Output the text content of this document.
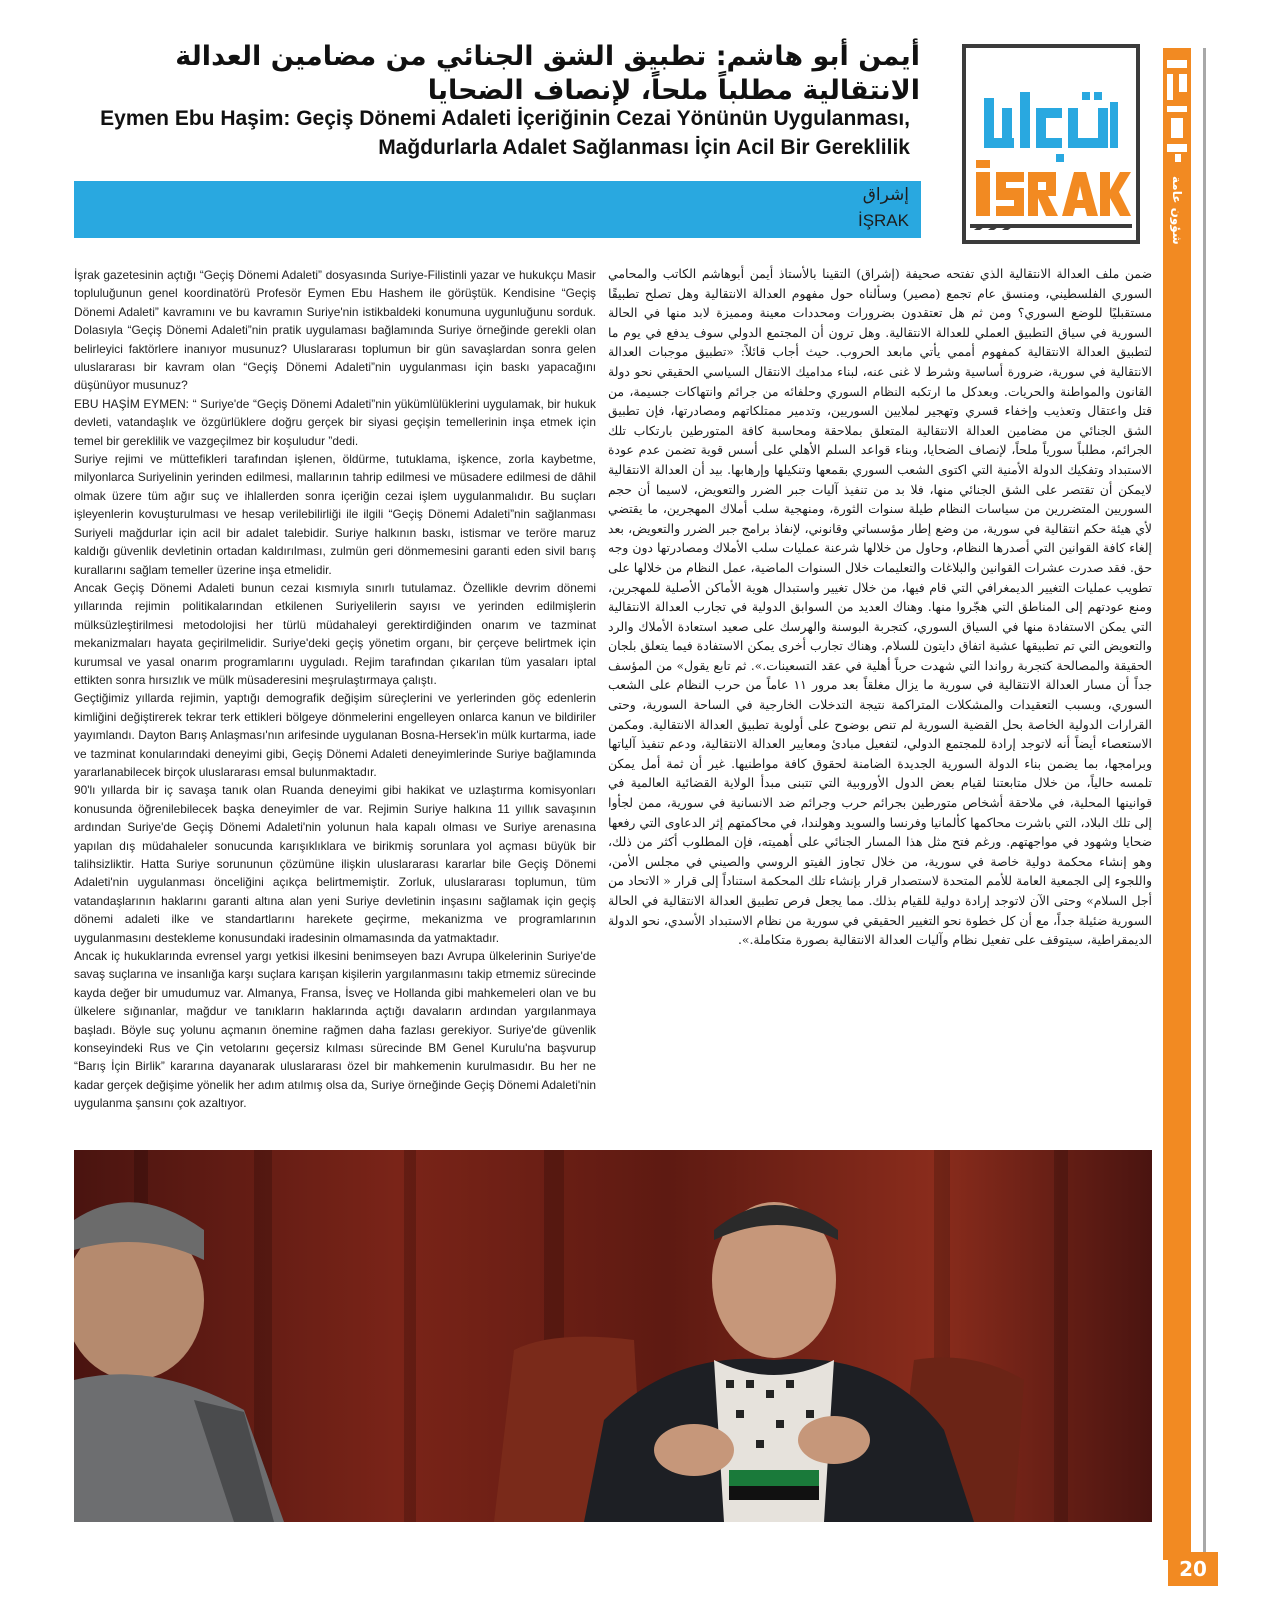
شؤون عامة
20
أيمن أبو هاشم: تطبيق الشق الجنائي من مضامين العدالة الانتقالية مطلباً ملحاً، لإنصاف الضحايا
Eymen Ebu Haşim: Geçiş Dönemi Adaleti İçeriğinin Cezai Yönünün Uygulanması, Mağdurlarla Adalet Sağlanması İçin Acil Bir Gereklilik
إشراق
İŞRAK

İşrak gazetesinin açtığı “Geçiş Dönemi Adaleti” dosyasında Suriye-Filistinli yazar ve hukukçu Masir topluluğunun genel koordinatörü Profesör Eymen Ebu Hashem ile görüştük. Kendisine “Geçiş Dönemi Adaleti” kavramını ve bu kavramın Suriye'nin istikbaldeki konumuna uygunluğunu sorduk. Dolasıyla “Geçiş Dönemi Adaleti”nin pratik uygulaması bağlamında Suriye örneğinde gerekli olan belirleyici faktörlere inanıyor musunuz? Uluslararası toplumun bir gün savaşlardan sonra gelen uluslararası bir kavram olan “Geçiş Dönemi Adaleti”nin uygulanması için baskı yapacağını düşünüyor musunuz?

EBU HAŞİM EYMEN: “ Suriye'de “Geçiş Dönemi Adaleti”nin yükümlülüklerini uygulamak, bir hukuk devleti, vatandaşlık ve özgürlüklere doğru gerçek bir siyasi geçişin temellerinin inşa etmek için temel bir gereklilik ve vazgeçilmez bir koşuludur ”dedi.

Suriye rejimi ve müttefikleri tarafından işlenen, öldürme, tutuklama, işkence, zorla kaybetme, milyonlarca Suriyelinin yerinden edilmesi, mallarının tahrip edilmesi ve müsadere edilmesi de dâhil olmak üzere tüm ağır suç ve ihlallerden sonra içeriğin cezai işlem uygulanmalıdır. Bu suçları işleyenlerin kovuşturulması ve hesap verilebilirliği ile ilgili “Geçiş Dönemi Adaleti”nin sağlanması Suriyeli mağdurlar için acil bir adalet talebidir. Suriye halkının baskı, istismar ve teröre maruz kaldığı güvenlik devletinin ortadan kaldırılması, zulmün geri dönmemesini garanti eden sivil barış kurallarını sağlam temeller üzerine inşa etmelidir.

Ancak Geçiş Dönemi Adaleti bunun cezai kısmıyla sınırlı tutulamaz. Özellikle devrim dönemi yıllarında rejimin politikalarından etkilenen Suriyelilerin sayısı ve yerinden edilmişlerin mülksüzleştirilmesi metodolojisi her türlü müdahaleyi gerektirdiğinden onarım ve tazminat mekanizmaları hayata geçirilmelidir. Suriye'deki geçiş yönetim organı, bir çerçeve belirtmek için kurumsal ve yasal onarım programlarını uyguladı. Rejim tarafından çıkarılan tüm yasaları iptal ettikten sonra hırsızlık ve mülk müsaderesini meşrulaştırmaya çalıştı.

Geçtiğimiz yıllarda rejimin, yaptığı demografik değişim süreçlerini ve yerlerinden göç edenlerin kimliğini değiştirerek tekrar terk ettikleri bölgeye dönmelerini engelleyen onlarca kanun ve bildiriler yayımlandı. Dayton Barış Anlaşması'nın arifesinde uygulanan Bosna-Hersek'in mülk kurtarma, iade ve tazminat konularındaki deneyimi gibi, Geçiş Dönemi Adaleti deneyimlerinde Suriye bağlamında yararlanabilecek birçok uluslararası emsal bulunmaktadır.

90'lı yıllarda bir iç savaşa tanık olan Ruanda deneyimi gibi hakikat ve uzlaştırma komisyonları konusunda öğrenilebilecek başka deneyimler de var. Rejimin Suriye halkına 11 yıllık savaşının ardından Suriye'de Geçiş Dönemi Adaleti'nin yolunun hala kapalı olması ve Suriye arenasına yapılan dış müdahaleler sonucunda karışıklıklara ve birikmiş sorunlara yol açması büyük bir talihsizliktir. Hatta Suriye sorununun çözümüne ilişkin uluslararası kararlar bile Geçiş Dönemi Adaleti'nin uygulanması önceliğini açıkça belirtmemiştir. Zorluk, uluslararası toplumun, tüm vatandaşlarının haklarını garanti altına alan yeni Suriye devletinin inşasını sağlamak için geçiş dönemi adaleti ilke ve standartlarını harekete geçirme, mekanizma ve programlarının uygulanmasını destekleme konusundaki iradesinin olmamasında da yatmaktadır.

Ancak iç hukuklarında evrensel yargı yetkisi ilkesini benimseyen bazı Avrupa ülkelerinin Suriye'de savaş suçlarına ve insanlığa karşı suçlara karışan kişilerin yargılanmasını takip etmemiz sürecinde kayda değer bir umudumuz var. Almanya, Fransa, İsveç ve Hollanda gibi mahkemeleri olan ve bu ülkelere sığınanlar, mağdur ve tanıkların haklarında açtığı davaların ardından yargılanmaya başladı. Böyle suç yolunu açmanın önemine rağmen daha fazlası gerekiyor. Suriye'de güvenlik konseyindeki Rus ve Çin vetolarını geçersiz kılması sürecinde BM Genel Kurulu'na başvurup “Barış İçin Birlik” kararına dayanarak uluslararası özel bir mahkemenin kurulmasıdır. Bu her ne kadar gerçek değişime yönelik her adım atılmış olsa da, Suriye örneğinde Geçiş Dönemi Adaleti'nin uygulanma şansını çok azaltıyor.

ضمن ملف العدالة الانتقالية الذي تفتحه صحيفة (إشراق) التقينا بالأستاذ أيمن أبوهاشم الكاتب والمحامي السوري الفلسطيني، ومنسق عام تجمع (مصير) وسألناه حول مفهوم العدالة الانتقالية وهل تصلح تطبيقًا مستقبليًا للوضع السوري؟ ومن ثم هل تعتقدون بضرورات ومحددات معينة ومميزة لابد منها في الحالة السورية في سياق التطبيق العملي للعدالة الانتقالية. وهل ترون أن المجتمع الدولي سوف يدفع في يوم ما لتطبيق العدالة الانتقالية كمفهوم أممي يأتي مابعد الحروب. حيث أجاب قائلاً: «تطبيق موجبات العدالة الانتقالية في سورية، ضرورة أساسية وشرط لا غنى عنه، لبناء مداميك الانتقال السياسي الحقيقي نحو دولة القانون والمواطنة والحريات. وبعدكل ما ارتكبه النظام السوري وحلفائه من جرائم وانتهاكات جسيمة، من قتل واعتقال وتعذيب وإخفاء قسري وتهجير لملايين السوريين، وتدمير ممتلكاتهم ومصادرتها، فإن تطبيق الشق الجنائي من مضامين العدالة الانتقالية المتعلق بملاحقة ومحاسبة كافة المتورطين بارتكاب تلك الجرائم، مطلباً سورياً ملحاً، لإنصاف الضحايا، وبناء قواعد السلم الأهلي على أسس قوية تضمن عدم عودة الاستبداد وتفكيك الدولة الأمنية التي اكتوى الشعب السوري بقمعها وتنكيلها وإرهابها. بيد أن العدالة الانتقالية لايمكن أن تقتصر على الشق الجنائي منها، فلا بد من تنفيذ آليات جبر الضرر والتعويض، لاسيما أن حجم السوريين المتضررين من سياسات النظام طيلة سنوات الثورة، ومنهجية سلب أملاك المهجرين، ما يقتضي لأي هيئة حكم انتقالية في سورية، من وضع إطار مؤسساتي وقانوني، لإنفاذ برامج جبر الضرر والتعويض، بعد إلغاء كافة القوانين التي أصدرها النظام، وحاول من خلالها شرعنة عمليات سلب الأملاك ومصادرتها دون وجه حق. فقد صدرت عشرات القوانين والبلاغات والتعليمات خلال السنوات الماضية، عمل النظام من خلالها على تطويب عمليات التغيير الديمغرافي التي قام فيها، من خلال تغيير واستبدال هوية الأماكن الأصلية للمهجرين، ومنع عودتهم إلى المناطق التي هجّروا منها. وهناك العديد من السوابق الدولية في تجارب العدالة الانتقالية التي يمكن الاستفادة منها في السياق السوري، كتجربة البوسنة والهرسك على صعيد استعادة الأملاك والرد والتعويض التي تم تطبيقها عشية اتفاق دايتون للسلام. وهناك تجارب أخرى يمكن الاستفادة فيما يتعلق بلجان الحقيقة والمصالحة كتجربة رواندا التي شهدت حرباً أهلية في عقد التسعينات.». ثم تابع يقول» من المؤسف جداً أن مسار العدالة الانتقالية في سورية ما يزال مغلقاً بعد مرور ١١ عاماً من حرب النظام على الشعب السوري، وبسبب التعقيدات والمشكلات المتراكمة نتيجة التدخلات الخارجية في الساحة السورية، وحتى القرارات الدولية الخاصة بحل القضية السورية لم تنص بوضوح على أولوية تطبيق العدالة الانتقالية. ومكمن الاستعصاء أيضاً أنه لاتوجد إرادة للمجتمع الدولي، لتفعيل مبادئ ومعايير العدالة الانتقالية، ودعم تنفيذ آلياتها وبرامجها، بما يضمن بناء الدولة السورية الجديدة الضامنة لحقوق كافة مواطنيها. غير أن ثمة أمل يمكن تلمسه حالياً، من خلال متابعتنا لقيام بعض الدول الأوروبية التي تتبنى مبدأ الولاية القضائية العالمية في قوانينها المحلية، في ملاحقة أشخاص متورطين بجرائم حرب وجرائم ضد الانسانية في سورية، ممن لجأوا إلى تلك البلاد، التي باشرت محاكمها كألمانيا وفرنسا والسويد وهولندا، في محاكمتهم إثر الدعاوى التي رفعها ضحايا وشهود في مواجهتهم. ورغم فتح مثل هذا المسار الجنائي على أهميته، فإن المطلوب أكثر من ذلك، وهو إنشاء محكمة دولية خاصة في سورية، من خلال تجاوز الفيتو الروسي والصيني في مجلس الأمن، واللجوء إلى الجمعية العامة للأمم المتحدة لاستصدار قرار بإنشاء تلك المحكمة استناداً إلى قرار « الاتحاد من أجل السلام» وحتى الآن لاتوجد إرادة دولية للقيام بذلك. مما يجعل فرص تطبيق العدالة الانتقالية في الحالة السورية ضئيلة جداً، مع أن كل خطوة نحو التغيير الحقيقي في سورية من نظام الاستبداد الأسدي، نحو الدولة الديمقراطية، سيتوقف على تفعيل نظام وآليات العدالة الانتقالية بصورة متكاملة.».
